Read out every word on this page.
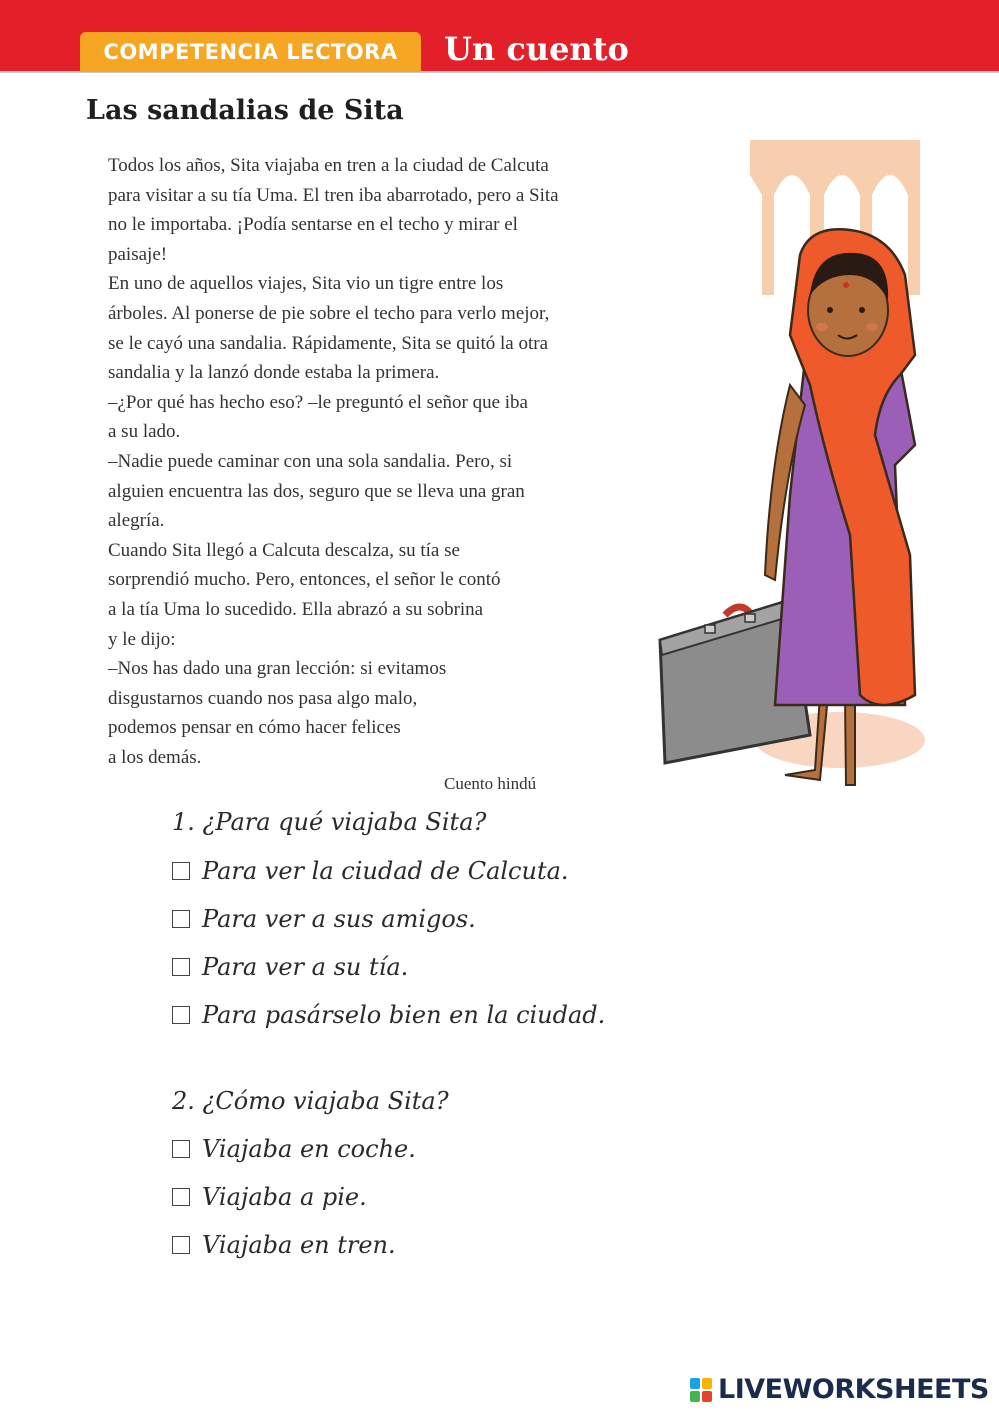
COMPETENCIA LECTORA	Un cuento
Las sandalias de Sita

Todos los años, Sita viajaba en tren a la ciudad de Calcuta
para visitar a su tía Uma. El tren iba abarrotado, pero a Sita
no le importaba. ¡Podía sentarse en el techo y mirar el
paisaje!

En uno de aquellos viajes, Sita vio un tigre entre los
árboles. Al ponerse de pie sobre el techo para verlo mejor,
se le cayó una sandalia. Rápidamente, Sita se quitó la otra
sandalia y la lanzó donde estaba la primera.

–¿Por qué has hecho eso? –le preguntó el señor que iba
a su lado.

–Nadie puede caminar con una sola sandalia. Pero, si
alguien encuentra las dos, seguro que se lleva una gran
alegría.

Cuando Sita llegó a Calcuta descalza, su tía se
sorprendió mucho. Pero, entonces, el señor le contó
a la tía Uma lo sucedido. Ella abrazó a su sobrina
y le dijo:

–Nos has dado una gran lección: si evitamos
disgustarnos cuando nos pasa algo malo,
podemos pensar en cómo hacer felices
a los demás.

Cuento hindú
1. ¿Para qué viajaba Sita?
Para ver la ciudad de Calcuta.
Para ver a sus amigos.
Para ver a su tía.
Para pasárselo bien en la ciudad.
2. ¿Cómo viajaba Sita?
Viajaba en coche.
Viajaba a pie.
Viajaba en tren.
LIVEWORKSHEETS
